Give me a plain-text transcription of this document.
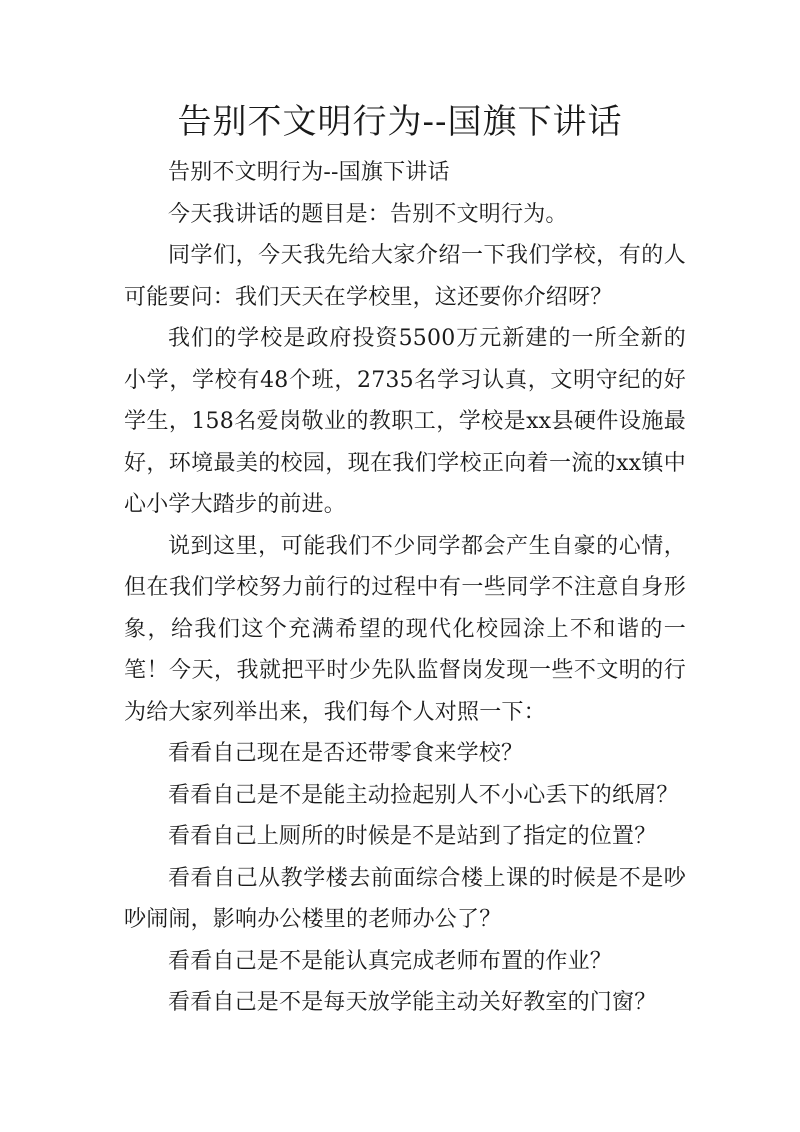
告别不文明行为--国旗下讲话

告别不文明行为--国旗下讲话

今天我讲话的题目是：告别不文明行为。

同学们，今天我先给大家介绍一下我们学校，有的人可能要问：我们天天在学校里，这还要你介绍呀？

我们的学校是政府投资5500万元新建的一所全新的小学，学校有48个班，2735名学习认真，文明守纪的好学生，158名爱岗敬业的教职工，学校是xx县硬件设施最好，环境最美的校园，现在我们学校正向着一流的xx镇中心小学大踏步的前进。

说到这里，可能我们不少同学都会产生自豪的心情，但在我们学校努力前行的过程中有一些同学不注意自身形象，给我们这个充满希望的现代化校园涂上不和谐的一笔！今天，我就把平时少先队监督岗发现一些不文明的行为给大家列举出来，我们每个人对照一下：

看看自己现在是否还带零食来学校？

看看自己是不是能主动捡起别人不小心丢下的纸屑？

看看自己上厕所的时候是不是站到了指定的位置？

看看自己从教学楼去前面综合楼上课的时候是不是吵吵闹闹，影响办公楼里的老师办公了？

看看自己是不是能认真完成老师布置的作业？

看看自己是不是每天放学能主动关好教室的门窗？
